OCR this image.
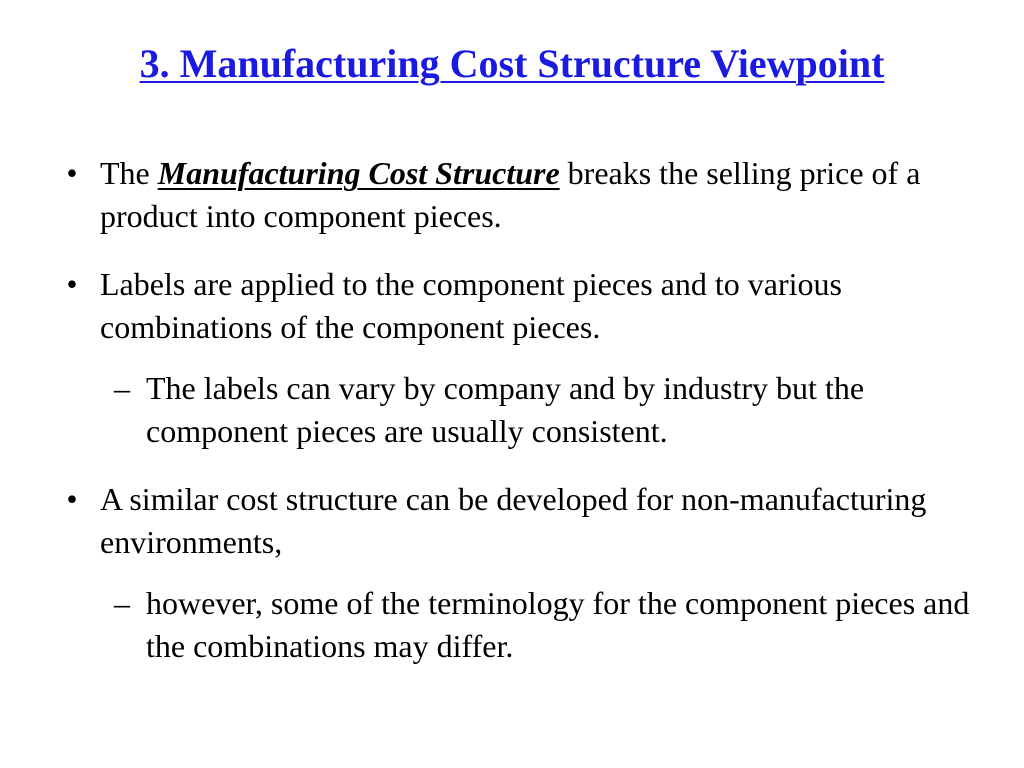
3. Manufacturing Cost Structure Viewpoint
• The Manufacturing Cost Structure breaks the selling price of a product into component pieces.
• Labels are applied to the component pieces and to various combinations of the component pieces.
– The labels can vary by company and by industry but the component pieces are usually consistent.
• A similar cost structure can be developed for non-manufacturing environments,
– however, some of the terminology for the component pieces and the combinations may differ.
